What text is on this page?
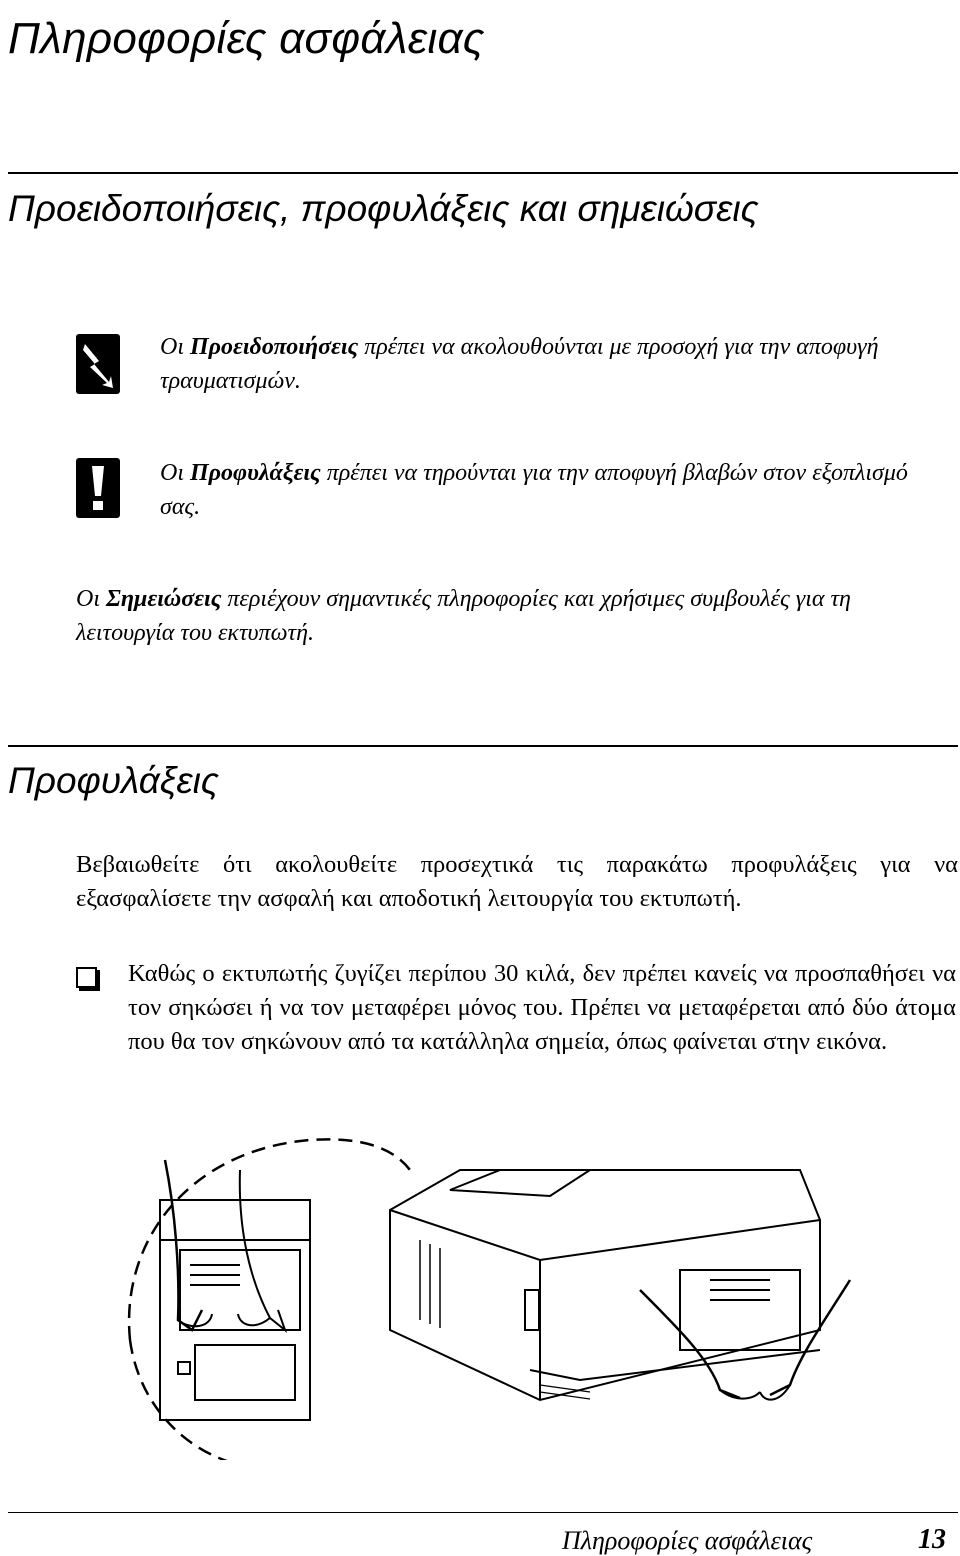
Πληροφορίες ασφάλειας
Προειδοποιήσεις, προφυλάξεις και σημειώσεις

Οι Προειδοποιήσεις πρέπει να ακολουθούνται με προσοχή για την αποφυγή τραυματισμών.

Οι Προφυλάξεις πρέπει να τηρούνται για την αποφυγή βλαβών στον εξοπλισμό σας.

Οι Σημειώσεις περιέχουν σημαντικές πληροφορίες και χρήσιμες συμβουλές για τη λειτουργία του εκτυπωτή.

Προφυλάξεις

Βεβαιωθείτε ότι ακολουθείτε προσεχτικά τις παρακάτω προφυλάξεις για να εξασφαλίσετε την ασφαλή και αποδοτική λειτουργία του εκτυπωτή.

Καθώς ο εκτυπωτής ζυγίζει περίπου 30 κιλά, δεν πρέπει κανείς να προσπαθήσει να τον σηκώσει ή να τον μεταφέρει μόνος του. Πρέπει να μεταφέρεται από δύο άτομα που θα τον σηκώνουν από τα κατάλληλα σημεία, όπως φαίνεται στην εικόνα.

Πληροφορίες ασφάλειας	13
